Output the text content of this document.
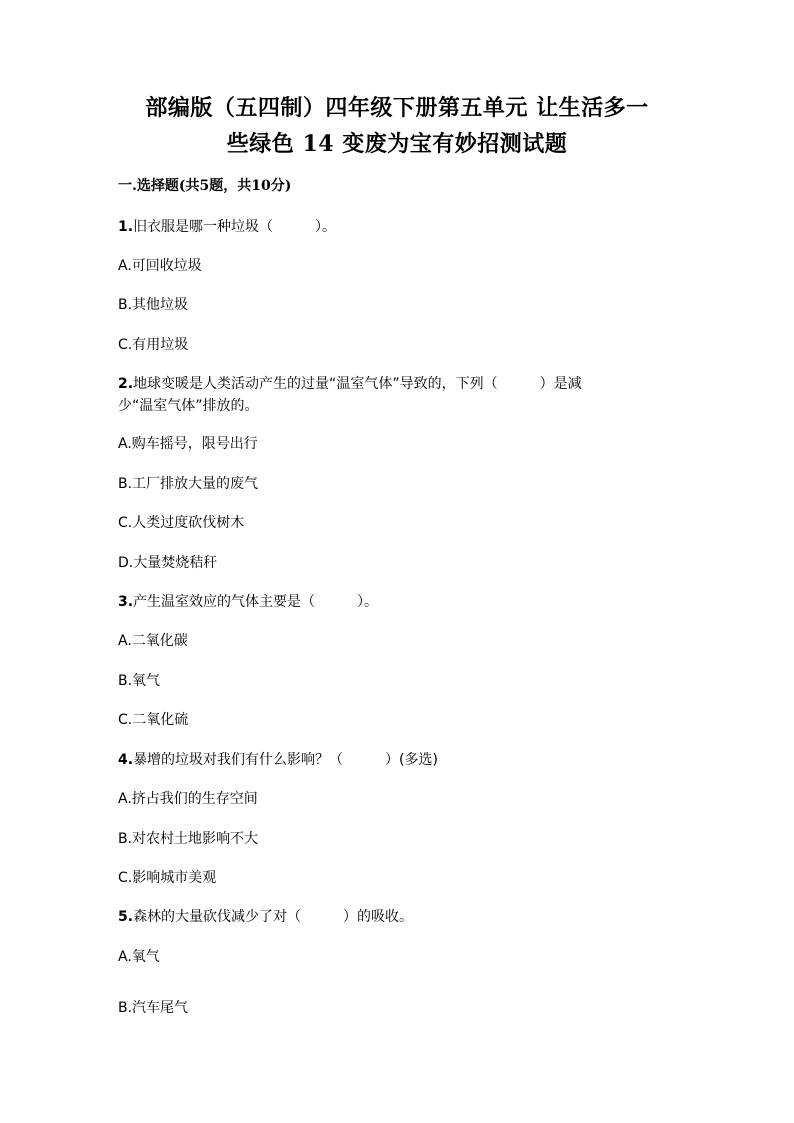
部编版（五四制）四年级下册第五单元 让生活多一
些绿色 14 变废为宝有妙招测试题
一.选择题(共5题，共10分)
1.旧衣服是哪一种垃圾（　　　）。
A.可回收垃圾
B.其他垃圾
C.有用垃圾
2.地球变暖是人类活动产生的过量“温室气体”导致的，下列（　　　）是减
少“温室气体”排放的。
A.购车摇号，限号出行
B.工厂排放大量的废气
C.人类过度砍伐树木
D.大量焚烧秸秆
3.产生温室效应的气体主要是（　　　）。
A.二氧化碳
B.氧气
C.二氧化硫
4.暴增的垃圾对我们有什么影响？（　　　）(多选)
A.挤占我们的生存空间
B.对农村土地影响不大
C.影响城市美观
5.森林的大量砍伐减少了对（　　　）的吸收。
A.氧气
B.汽车尾气
